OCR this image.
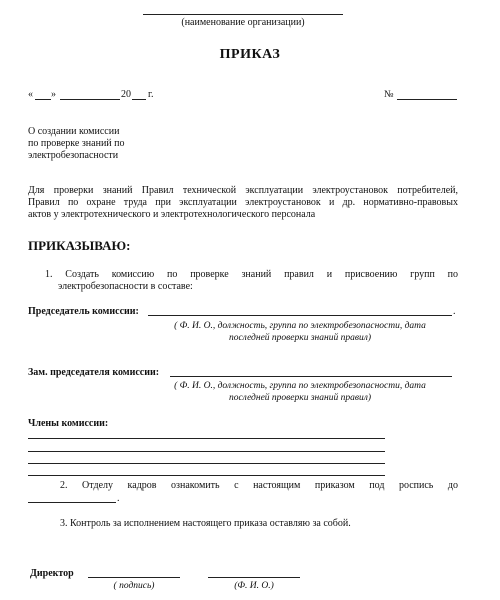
(наименование организации)
ПРИКАЗ
« »	20 г.	№
О создании комиссии
по проверке знаний по
электробезопасности
Для проверки знаний Правил технической эксплуатации электроустановок потребителей,
Правил по охране труда при эксплуатации электроустановок и др. нормативно-правовых
актов у электротехнического и электротехнологического персонала
ПРИКАЗЫВАЮ:
1. Создать комиссию по проверке знаний правил и присвоению групп по
электробезопасности в составе:
Председатель комиссии:	.
( Ф. И. О., должность, группа по электробезопасности, дата
последней проверки знаний правил)
Зам. председателя комиссии:
( Ф. И. О., должность, группа по электробезопасности, дата
последней проверки знаний правил)
Члены комиссии:
2. Отделу кадров ознакомить с настоящим приказом под роспись до
.
3. Контроль за исполнением настоящего приказа оставляю за собой.
Директор
( подпись)	(Ф. И. О.)
